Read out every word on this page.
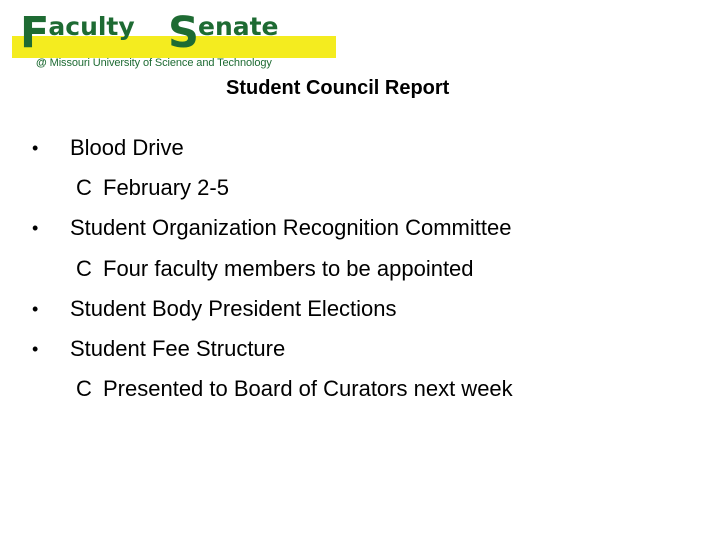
Faculty Senate
@ Missouri University of Science and Technology
Student Council Report
• Blood Drive
C February 2-5
• Student Organization Recognition Committee
C Four faculty members to be appointed
• Student Body President Elections
• Student Fee Structure
C Presented to Board of Curators next week
